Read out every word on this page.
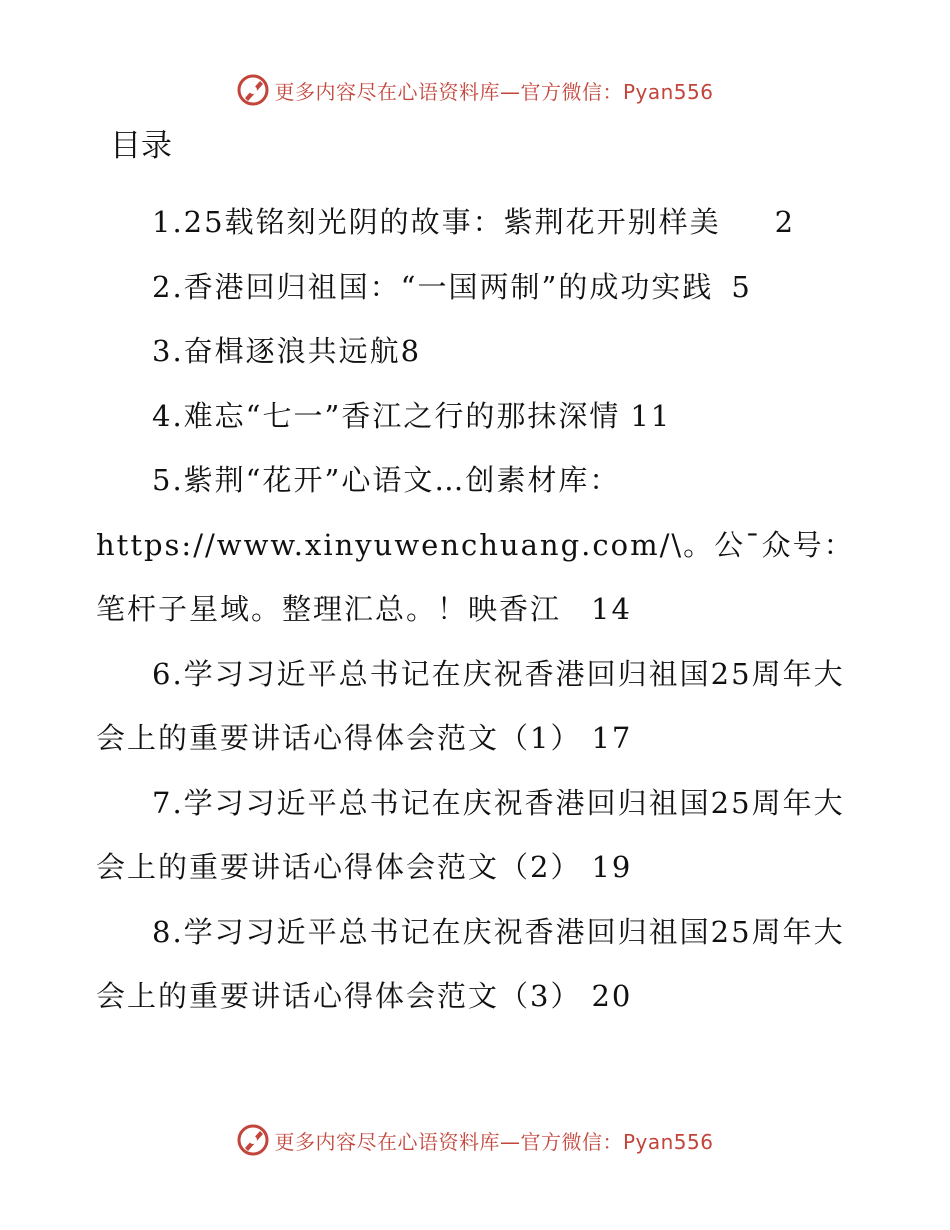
更多内容尽在心语资料库—官方微信：Pyan556
目录
1.25载铭刻光阴的故事：紫荆花开别样美 2
2.香港回归祖国：“一国两制”的成功实践 5
3.奋楫逐浪共远航8
4.难忘“七一”香江之行的那抹深情 11
5.紫荆“花开”心语文…创素材库：https://www.xinyuwenchuang.com/\。公¯众号：笔杆子星域。整理汇总。！映香江 14
6.学习习近平总书记在庆祝香港回归祖国25周年大会上的重要讲话心得体会范文（1） 17
7.学习习近平总书记在庆祝香港回归祖国25周年大会上的重要讲话心得体会范文（2） 19
8.学习习近平总书记在庆祝香港回归祖国25周年大会上的重要讲话心得体会范文（3） 20
更多内容尽在心语资料库—官方微信：Pyan556
